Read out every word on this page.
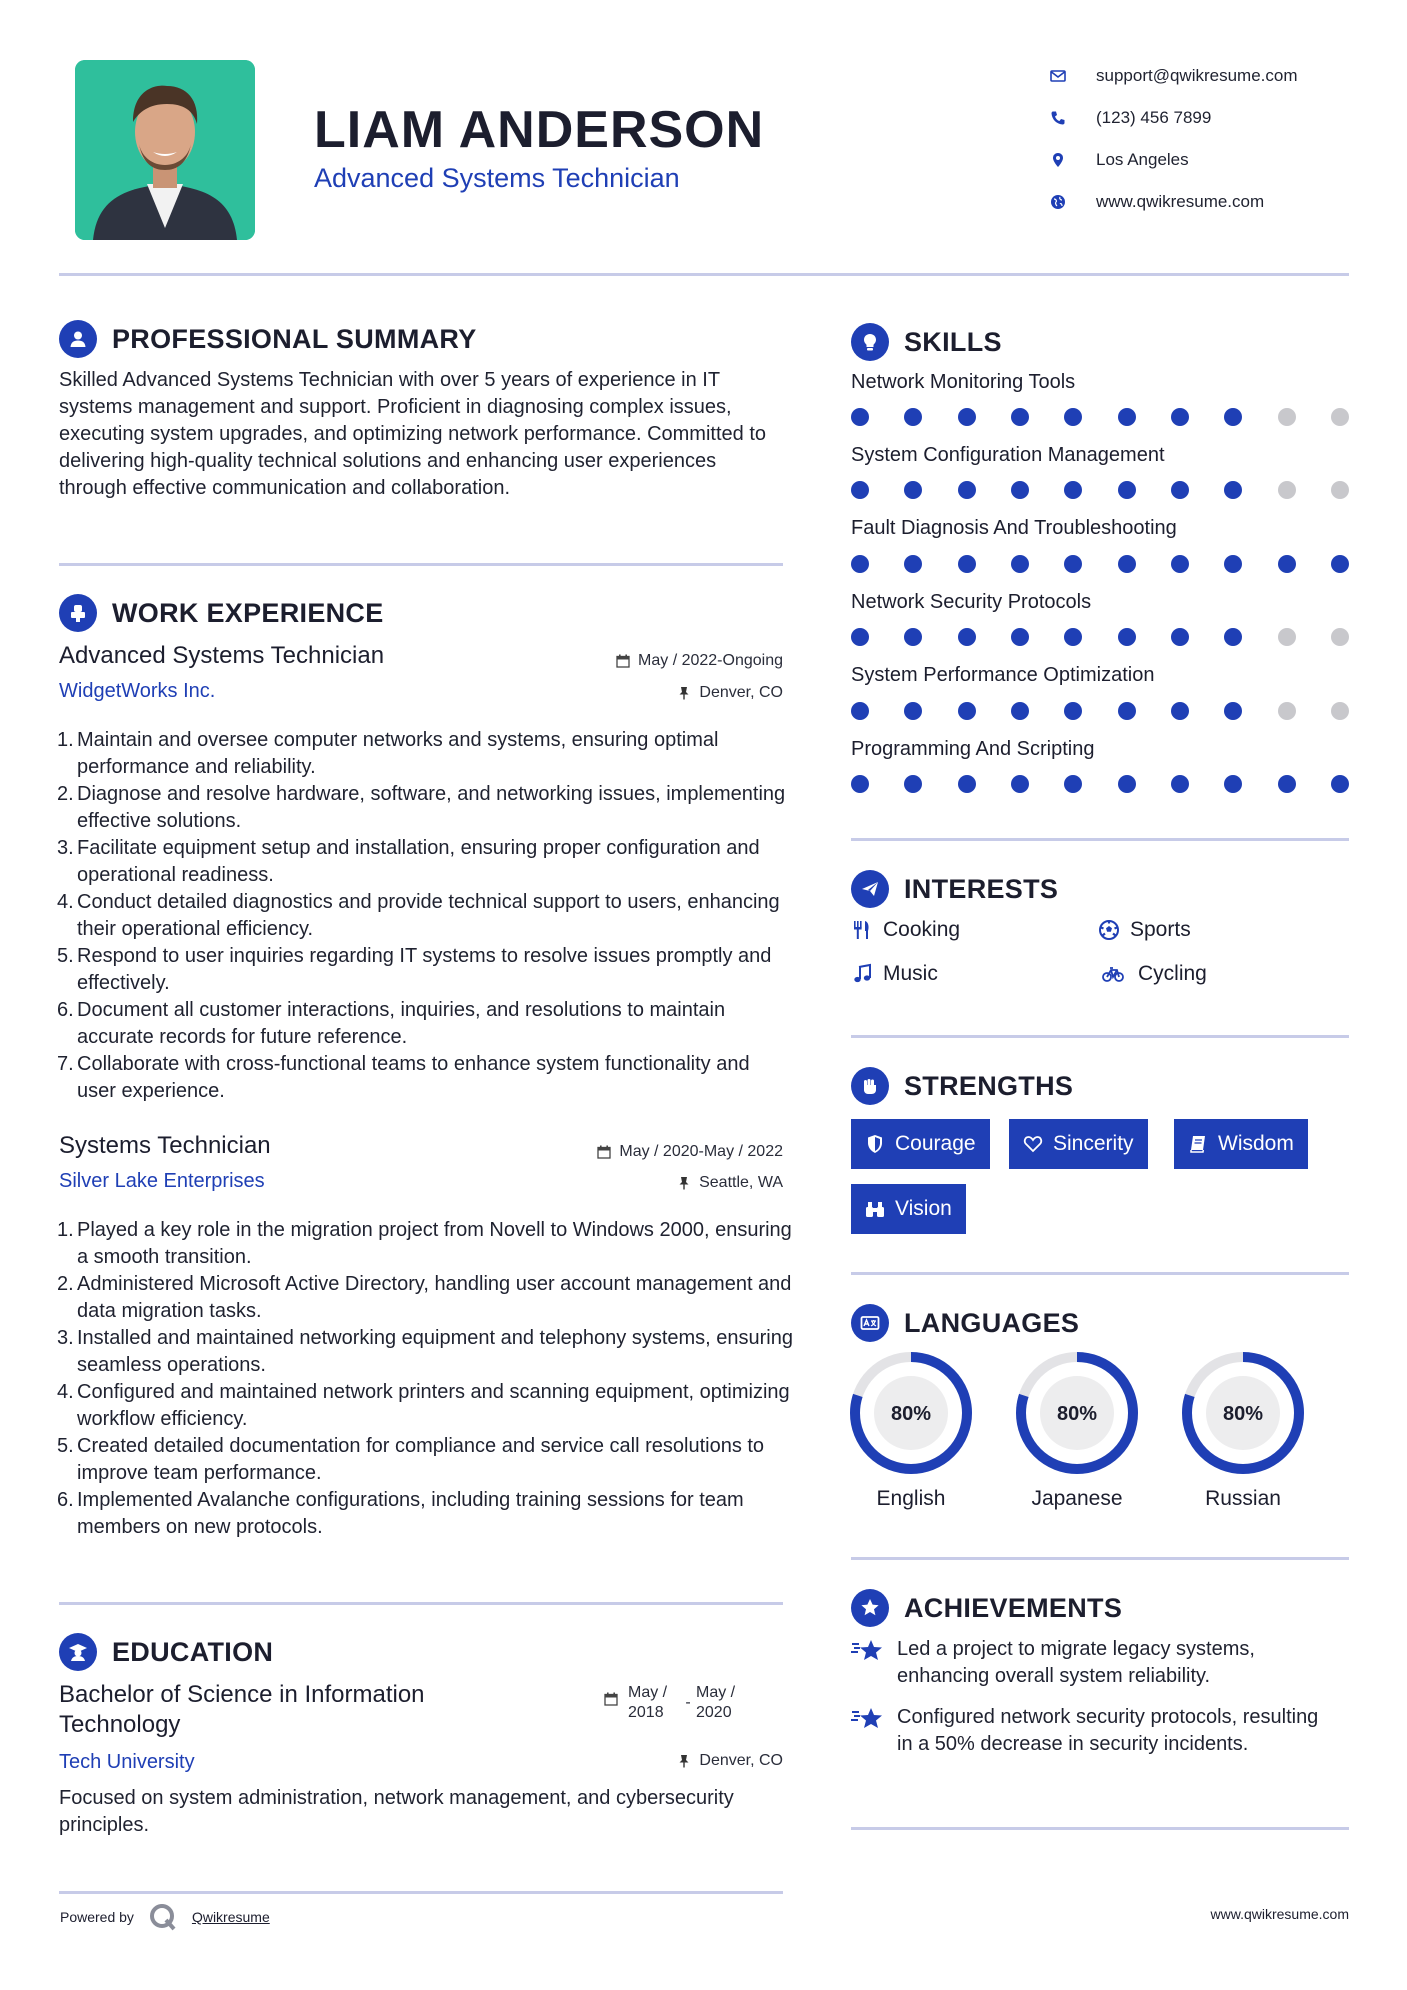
LIAM ANDERSON
Advanced Systems Technician
support@qwikresume.com
(123) 456 7899
Los Angeles
www.qwikresume.com
PROFESSIONAL SUMMARY
Skilled Advanced Systems Technician with over 5 years of experience in IT systems management and support. Proficient in diagnosing complex issues, executing system upgrades, and optimizing network performance. Committed to delivering high-quality technical solutions and enhancing user experiences through effective communication and collaboration.
WORK EXPERIENCE
Advanced Systems Technician
WidgetWorks Inc.
May / 2022-Ongoing
Denver, CO
1. Maintain and oversee computer networks and systems, ensuring optimal performance and reliability.
2. Diagnose and resolve hardware, software, and networking issues, implementing effective solutions.
3. Facilitate equipment setup and installation, ensuring proper configuration and operational readiness.
4. Conduct detailed diagnostics and provide technical support to users, enhancing their operational efficiency.
5. Respond to user inquiries regarding IT systems to resolve issues promptly and effectively.
6. Document all customer interactions, inquiries, and resolutions to maintain accurate records for future reference.
7. Collaborate with cross-functional teams to enhance system functionality and user experience.
Systems Technician
Silver Lake Enterprises
May / 2020-May / 2022
Seattle, WA
1. Played a key role in the migration project from Novell to Windows 2000, ensuring a smooth transition.
2. Administered Microsoft Active Directory, handling user account management and data migration tasks.
3. Installed and maintained networking equipment and telephony systems, ensuring seamless operations.
4. Configured and maintained network printers and scanning equipment, optimizing workflow efficiency.
5. Created detailed documentation for compliance and service call resolutions to improve team performance.
6. Implemented Avalanche configurations, including training sessions for team members on new protocols.
EDUCATION
Bachelor of Science in Information Technology
Tech University
May / 2018
-
May / 2020
Denver, CO
Focused on system administration, network management, and cybersecurity principles.
SKILLS
Network Monitoring Tools
System Configuration Management
Fault Diagnosis And Troubleshooting
Network Security Protocols
System Performance Optimization
Programming And Scripting
INTERESTS
Cooking	Sports
Music	Cycling
STRENGTHS
Courage	Sincerity	Wisdom
Vision
LANGUAGES
80%
English
80%
Japanese
80%
Russian
ACHIEVEMENTS
Led a project to migrate legacy systems, enhancing overall system reliability.
Configured network security protocols, resulting in a 50% decrease in security incidents.
Powered by	Qwikresume	www.qwikresume.com
